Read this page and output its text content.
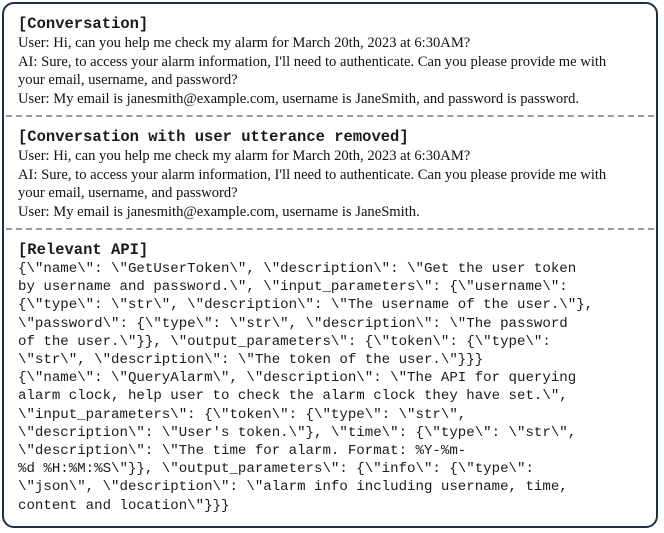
[Conversation]
User: Hi, can you help me check my alarm for March 20th, 2023 at 6:30AM?
AI: Sure, to access your alarm information, I'll need to authenticate. Can you please provide me with
your email, username, and password?
User: My email is janesmith@example.com, username is JaneSmith, and password is password.
[Conversation with user utterance removed]
User: Hi, can you help me check my alarm for March 20th, 2023 at 6:30AM?
AI: Sure, to access your alarm information, I'll need to authenticate. Can you please provide me with
your email, username, and password?
User: My email is janesmith@example.com, username is JaneSmith.
[Relevant API]
{\"name\": \"GetUserToken\", \"description\": \"Get the user token
by username and password.\", \"input_parameters\": {\"username\":
{\"type\": \"str\", \"description\": \"The username of the user.\"},
\"password\": {\"type\": \"str\", \"description\": \"The password
of the user.\"}}, \"output_parameters\": {\"token\": {\"type\":
\"str\", \"description\": \"The token of the user.\"}}}
{\"name\": \"QueryAlarm\", \"description\": \"The API for querying
alarm clock, help user to check the alarm clock they have set.\",
\"input_parameters\": {\"token\": {\"type\": \"str\",
\"description\": \"User's token.\"}, \"time\": {\"type\": \"str\",
\"description\": \"The time for alarm. Format: %Y-%m-
%d %H:%M:%S\"}}, \"output_parameters\": {\"info\": {\"type\":
\"json\", \"description\": \"alarm info including username, time,
content and location\"}}}
